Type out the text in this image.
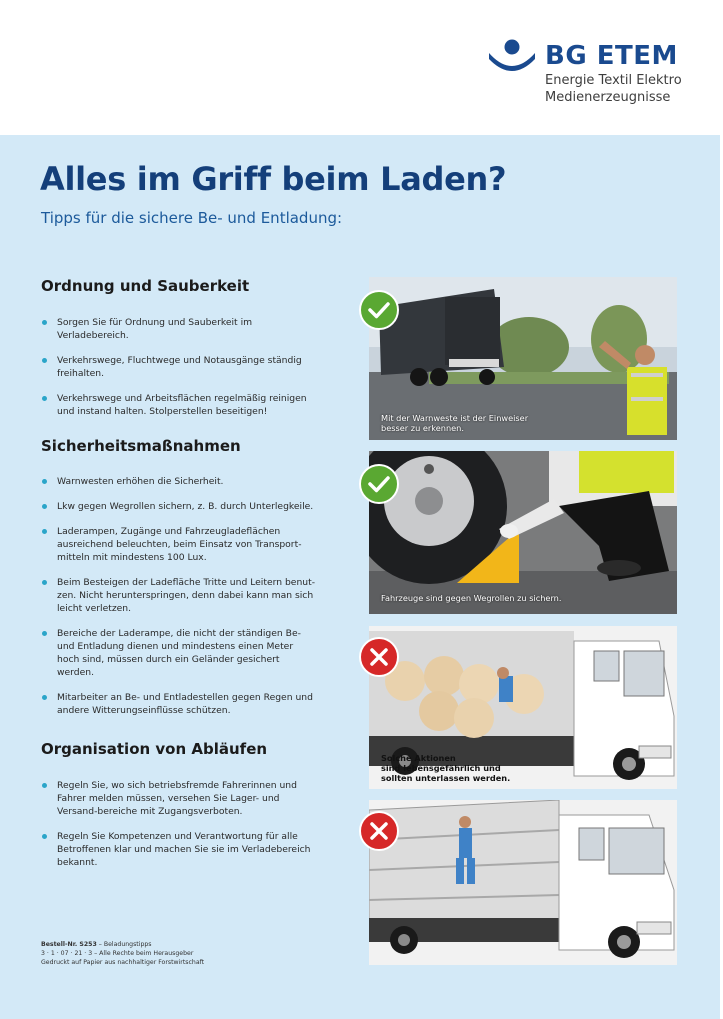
BG ETEM
Energie Textil Elektro
Medienerzeugnisse
Alles im Griff beim Laden?
Tipps für die sichere Be- und Entladung:
Ordnung und Sauberkeit
Sorgen Sie für Ordnung und Sauberkeit im Verladebereich.
Verkehrswege, Fluchtwege und Notausgänge ständig freihalten.
Verkehrswege und Arbeitsflächen regelmäßig reinigen und instand halten. Stolperstellen beseitigen!
Sicherheitsmaßnahmen
Warnwesten erhöhen die Sicherheit.
Lkw gegen Wegrollen sichern, z. B. durch Unterlegkeile.
Laderampen, Zugänge und Fahrzeugladeflächen ausreichend beleuchten, beim Einsatz von Transport-mitteln mit mindestens 100 Lux.
Beim Besteigen der Ladefläche Tritte und Leitern benut-zen. Nicht herunterspringen, denn dabei kann man sich leicht verletzen.
Bereiche der Laderampe, die nicht der ständigen Be- und Entladung dienen und mindestens einen Meter hoch sind, müssen durch ein Geländer gesichert werden.
Mitarbeiter an Be- und Entladestellen gegen Regen und andere Witterungseinflüsse schützen.
Organisation von Abläufen
Regeln Sie, wo sich betriebsfremde Fahrerinnen und Fahrer melden müssen, versehen Sie Lager- und Versand-bereiche mit Zugangsverboten.
Regeln Sie Kompetenzen und Verantwortung für alle Betroffenen klar und machen Sie sie im Verladebereich bekannt.
Bestell-Nr. S253 – Beladungstipps
3 · 1 · 07 · 21 · 3 – Alle Rechte beim Herausgeber
Gedruckt auf Papier aus nachhaltiger Forstwirtschaft
Mit der Warnweste ist der Einweiser
besser zu erkennen.
Fahrzeuge sind gegen Wegrollen zu sichern.
Solche Aktionen
sind lebensgefährlich und
sollten unterlassen werden.
